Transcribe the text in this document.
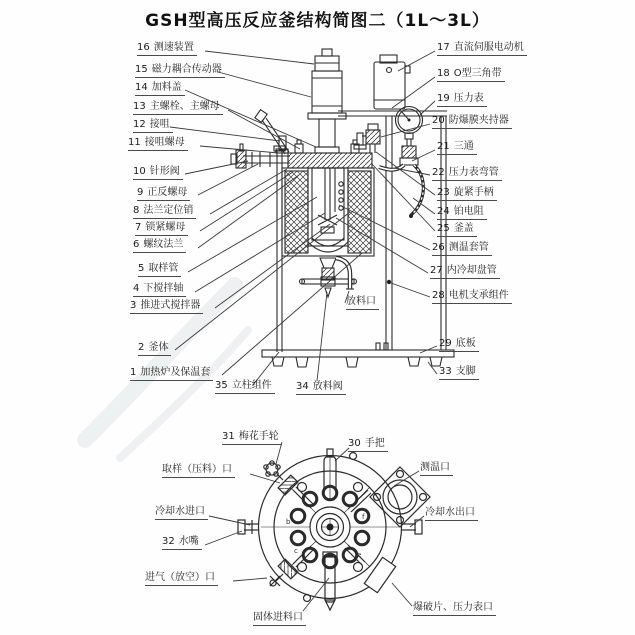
GSH型高压反应釜结构简图二（1L～3L）
b
c	e
f
16 测速装置
15 磁力耦合传动器
14 加料盖
13 主螺栓、主螺母
12 接咀
11 接咀螺母
10 针形阀
9 正反螺母
8 法兰定位销
7 锁紧螺母
6 螺纹法兰
5 取样管
4 下搅拌轴
3 推进式搅拌器
2 釜体
1 加热炉及保温套
17 直流伺服电动机
18 O型三角带
19 压力表
20 防爆膜夹持器
21 三通
22 压力表弯管
23 旋紧手柄
24 铂电阻
25 釜盖
26 测温套管
27 内冷却盘管
28 电机支承组件
29 底板
33 支脚
放料口
35 立柱组件	34 放料阀
31 梅花手轮
30 手把
取样（压料）口	测温口
冷却水进口	冷却水出口
32 水嘴
进气（放空）口
固体进料口
爆破片、压力表口
